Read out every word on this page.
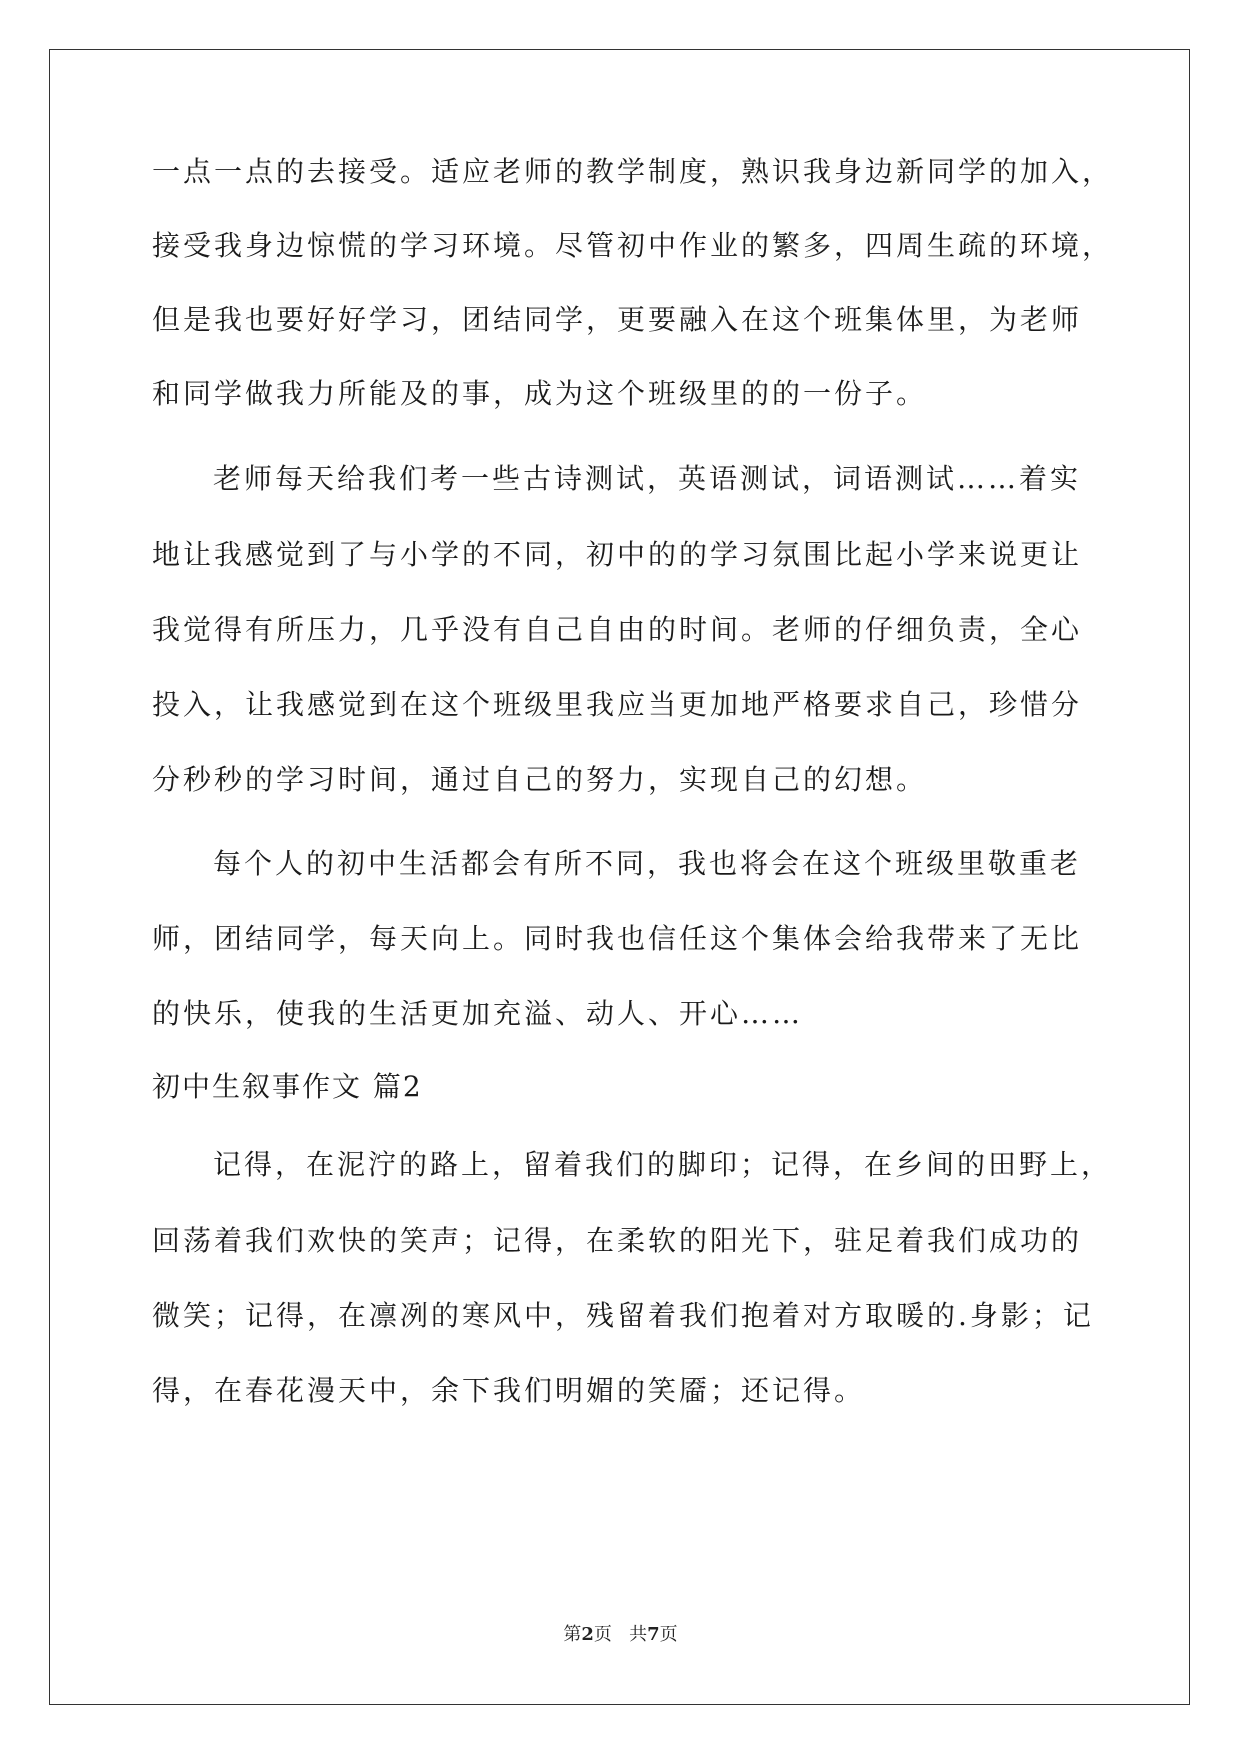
一点一点的去接受。适应老师的教学制度，熟识我身边新同学的加入，
接受我身边惊慌的学习环境。尽管初中作业的繁多，四周生疏的环境，
但是我也要好好学习，团结同学，更要融入在这个班集体里，为老师
和同学做我力所能及的事，成为这个班级里的的一份子。
老师每天给我们考一些古诗测试，英语测试，词语测试……着实
地让我感觉到了与小学的不同，初中的的学习氛围比起小学来说更让
我觉得有所压力，几乎没有自己自由的时间。老师的仔细负责，全心
投入，让我感觉到在这个班级里我应当更加地严格要求自己，珍惜分
分秒秒的学习时间，通过自己的努力，实现自己的幻想。
每个人的初中生活都会有所不同，我也将会在这个班级里敬重老
师，团结同学，每天向上。同时我也信任这个集体会给我带来了无比
的快乐，使我的生活更加充溢、动人、开心……
初中生叙事作文 篇2
记得，在泥泞的路上，留着我们的脚印；记得，在乡间的田野上，
回荡着我们欢快的笑声；记得，在柔软的阳光下，驻足着我们成功的
微笑；记得，在凛冽的寒风中，残留着我们抱着对方取暖的.身影；记
得，在春花漫天中，余下我们明媚的笑靥；还记得。
第2页 共7页
